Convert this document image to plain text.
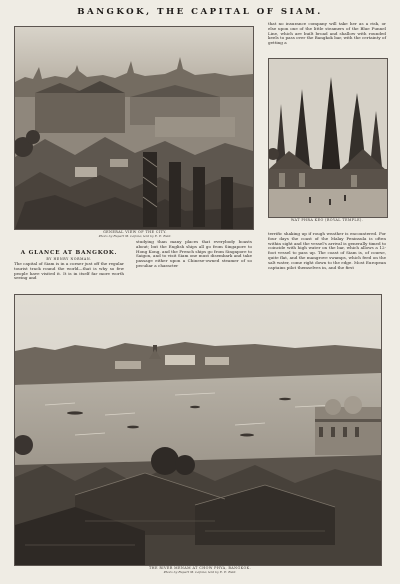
BANGKOK, THE CAPITAL OF SIAM.

that no insurance company will take her as a risk, or else upon one of the little steamers of the Blue Funnel Line, which are built broad and shallow with rounded keels to pass over the Bangkok bar, with the certainty of getting a

GENERAL VIEW OF THE CITY.
Photo by Rupert M. Lafone; lent by E. E. Reid.
WAT PHRA KEO (ROYAL TEMPLE).
A GLANCE AT BANGKOK.
BY HENRY NORMAN.

The capital of Siam is in a corner just off the regular tourist track round the world—that is why so few people have visited it. It is in itself far more worth seeing and

studying than many places that everybody boasts about; but the English ships all go from Singapore to Hong Kong, and the French ships go from Singapore to Saigon, and to visit Siam one must disembark and take passage either upon a Chinese-owned steamer of so peculiar a character

terrific shaking up if rough weather is encountered. For four days the coast of the Malay Peninsula is often within sight and the vessel's arrival is generally timed to coincide with high water on the bar, which allows a 12-foot vessel to pass up. The coast of Siam is, of course, quite flat, and the mangrove swamps, which feed on the salt water, come right down to the edge. Most European captains pilot themselves in, and the first

THE RIVER MENAM AT CHOW PHYA, BANGKOK.
Photo by Rupert M. Lafone; lent by E. E. Reid.
